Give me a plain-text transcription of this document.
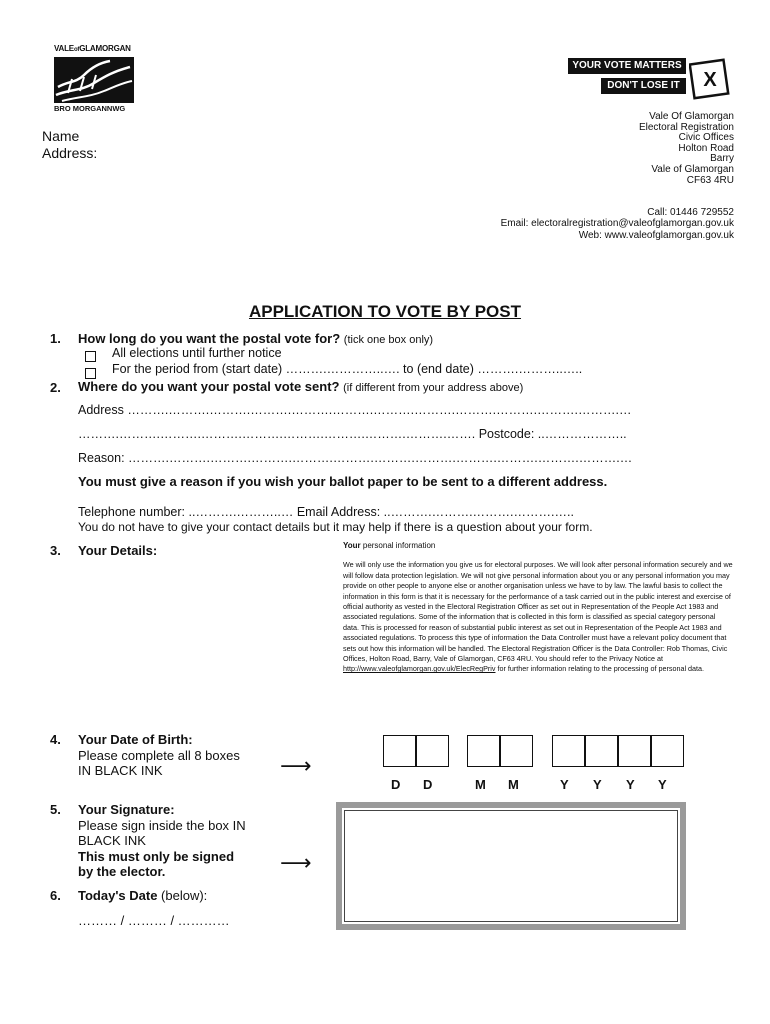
VALEofGLAMORGAN
BRO MORGANNWG
YOUR VOTE MATTERS
DON'T LOSE IT	X
Name
Address:
Vale Of Glamorgan
Electoral Registration
Civic Offices
Holton Road
Barry
Vale of Glamorgan
CF63 4RU
Call: 01446 729552
Email: electoralregistration@valeofglamorgan.gov.uk
Web: www.valeofglamorgan.gov.uk
APPLICATION TO VOTE BY POST
1. How long do you want the postal vote for? (tick one box only)
All elections until further notice
For the period from (start date) ……….…………..…. to (end date) ……….………..…..
2. Where do you want your postal vote sent? (if different from your address above)
Address ……….……….……….……….……….……….……….……….……….……….……….……….…
……….……….……….……….……….……….……….……….……….……. Postcode: ..………………..
Reason: ……….……….……….……….……….……….……….……….……….……….……….……….…
You must give a reason if you wish your ballot paper to be sent to a different address.
Telephone number: ..……….………..… Email Address: ..……….……….……….……….…..
You do not have to give your contact details but it may help if there is a question about your form.
3. Your Details:	Your personal information
We will only use the information you give us for electoral purposes. We will look after personal information securely and we will follow data protection legislation. We will not give personal information about you or any personal information you may provide on other people to anyone else or another organisation unless we have to by law. The lawful basis to collect the information in this form is that it is necessary for the performance of a task carried out in the public interest and exercise of official authority as vested in the Electoral Registration Officer as set out in Representation of the People Act 1983 and associated regulations. Some of the information that is collected in this form is classified as special category personal data. This is processed for reason of substantial public interest as set out in Representation of the People Act 1983 and associated regulations. To process this type of information the Data Controller must have a relevant policy document that sets out how this information will be handled. The Electoral Registration Officer is the Data Controller: Rob Thomas, Civic Offices, Holton Road, Barry, Vale of Glamorgan, CF63 4RU. You should refer to the Privacy Notice at http://www.valeofglamorgan.gov.uk/ElecRegPriv for further information relating to the processing of personal data.
4. Your Date of Birth:
Please complete all 8 boxes
IN BLACK INK	⟶
D D	M M	Y Y Y Y
5. Your Signature:
Please sign inside the box IN
BLACK INK
This must only be signed
by the elector.	⟶
6. Today's Date (below):
……… / ……… / …………
